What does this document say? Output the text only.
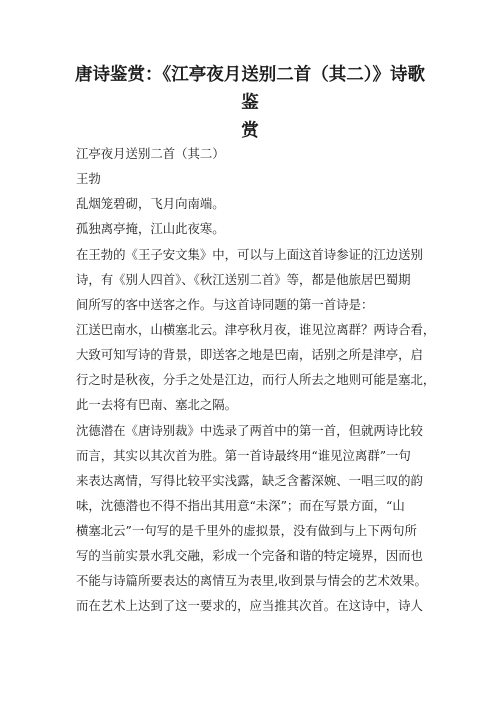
唐诗鉴赏：《江亭夜月送别二首（其二）》诗歌
鉴
赏

江亭夜月送别二首（其二）

王勃

乱烟笼碧砌，飞月向南端。

孤独离亭掩，江山此夜寒。

在王勃的《王子安文集》中，可以与上面这首诗参证的江边送别

诗，有《别人四首》、《秋江送别二首》等，都是他旅居巴蜀期

间所写的客中送客之作。与这首诗同题的第一首诗是：

江送巴南水，山横塞北云。津亭秋月夜，谁见泣离群？两诗合看，

大致可知写诗的背景，即送客之地是巴南，话别之所是津亭，启

行之时是秋夜，分手之处是江边，而行人所去之地则可能是塞北，

此一去将有巴南、塞北之隔。

沈德潜在《唐诗别裁》中选录了两首中的第一首，但就两诗比较

而言，其实以其次首为胜。第一首诗最终用“谁见泣离群”一句

来表达离情，写得比较平实浅露，缺乏含蓄深婉、一唱三叹的韵

味，沈德潜也不得不指出其用意“未深”；而在写景方面，“山

横塞北云”一句写的是千里外的虚拟景，没有做到与上下两句所

写的当前实景水乳交融，彩成一个完备和谐的特定境界，因而也

不能与诗篇所要表达的离情互为表里,收到景与情会的艺术效果。

而在艺术上达到了这一要求的，应当推其次首。在这诗中，诗人
